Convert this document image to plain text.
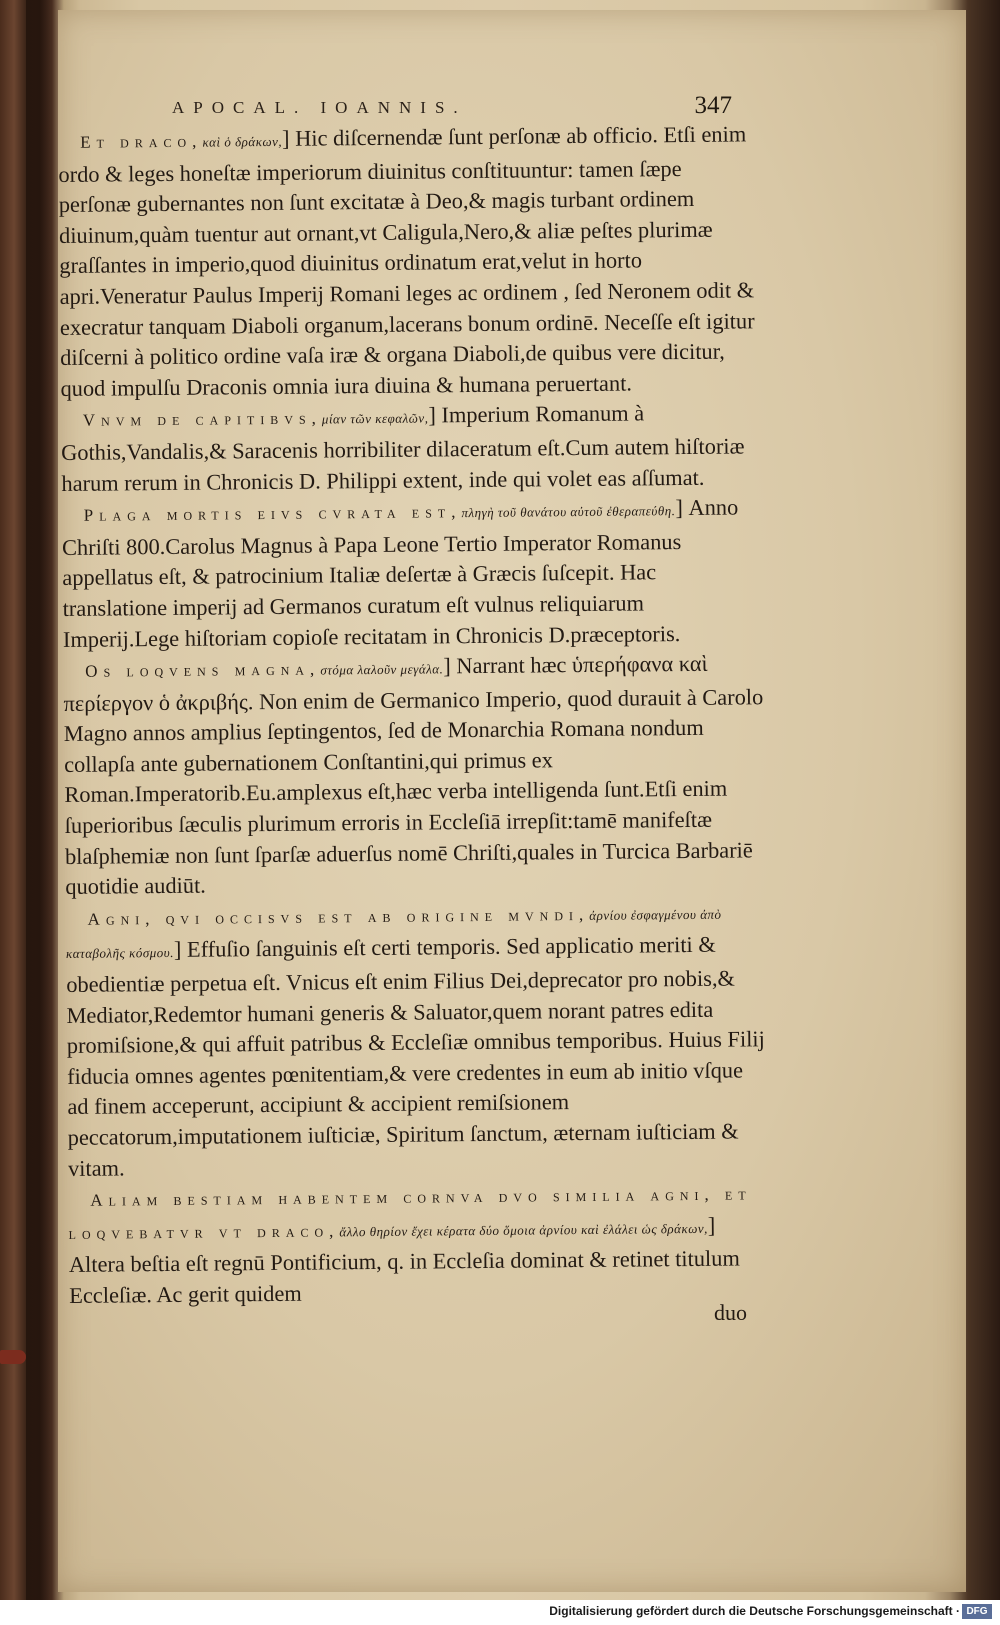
APOCAL. IOANNIS.	347

Et draco,καὶ ὁ δράκων,] Hic diſcernendæ ſunt perſonæ ab officio. Etſi enim ordo & leges honeſtæ imperiorum diuinitus conſtituuntur: tamen ſæpe perſonæ gubernantes non ſunt excitatæ à Deo,& magis turbant ordinem diuinum,quàm tuentur aut ornant,vt Caligula,Nero,& aliæ peſtes plurimæ graſſantes in imperio,quod diuinitus ordinatum erat,velut in horto apri.Veneratur Paulus Imperij Romani leges ac ordinem , ſed Neronem odit & execratur tanquam Diaboli organum,lacerans bonum ordinē. Neceſſe eſt igitur diſcerni à politico ordine vaſa iræ & organa Diaboli,de quibus vere dicitur, quod impulſu Draconis omnia iura diuina & humana peruertant.

Vnvm de capitibvs,μίαν τῶν κεφαλῶν,] Imperium Romanum à Gothis,Vandalis,& Saracenis horribiliter dilaceratum eſt.Cum autem hiſtoriæ harum rerum in Chronicis D. Philippi extent, inde qui volet eas aſſumat.

Plaga mortis eivs cvrata est,πληγὴ τοῦ θανάτου αὐτοῦ ἐθεραπεύθη.] Anno Chriſti 800.Carolus Magnus à Papa Leone Tertio Imperator Romanus appellatus eſt, & patrocinium Italiæ deſertæ à Græcis ſuſcepit. Hac translatione imperij ad Germanos curatum eſt vulnus reliquiarum Imperij.Lege hiſtoriam copioſe recitatam in Chronicis D.præceptoris.

Os loqvens magna,στόμα λαλοῦν μεγάλα.] Narrant hæc ὑπερήφανα καὶ περίεργον ὁ ἀκριβής. Non enim de Germanico Imperio, quod durauit à Carolo Magno annos amplius ſeptingentos, ſed de Monarchia Romana nondum collapſa ante gubernationem Conſtantini,qui primus ex Roman.Imperatorib.Eu.amplexus eſt,hæc verba intelligenda ſunt.Etſi enim ſuperioribus ſæculis plurimum erroris in Eccleſiā irrepſit:tamē manifeſtæ blaſphemiæ non ſunt ſparſæ aduerſus nomē Chriſti,quales in Turcica Barbariē quotidie audiūt.

Agni, qvi occisvs est ab origine mvndi,ἀρνίου ἐσφαγμένου ἀπὸ καταβολῆς κόσμου.] Effuſio ſanguinis eſt certi temporis. Sed applicatio meriti & obedientiæ perpetua eſt. Vnicus eſt enim Filius Dei,deprecator pro nobis,& Mediator,Redemtor humani generis & Saluator,quem norant patres edita promiſsione,& qui affuit patribus & Eccleſiæ omnibus temporibus. Huius Filij fiducia omnes agentes pœnitentiam,& vere credentes in eum ab initio vſque ad finem acceperunt, accipiunt & accipient remiſsionem peccatorum,imputationem iuſticiæ, Spiritum ſanctum, æternam iuſticiam & vitam.

Aliam bestiam habentem cornva dvo similia agni, et loqvebatvr vt draco,ἄλλο θηρίον ἔχει κέρατα δύο ὅμοια ἀρνίου καὶ ἐλάλει ὡς δράκων,] Altera beſtia eſt regnū Pontificium, q. in Eccleſia dominat & retinet titulum Eccleſiæ. Ac gerit quidem

duo
Digitalisierung gefördert durch die Deutsche Forschungsgemeinschaft · DFG
